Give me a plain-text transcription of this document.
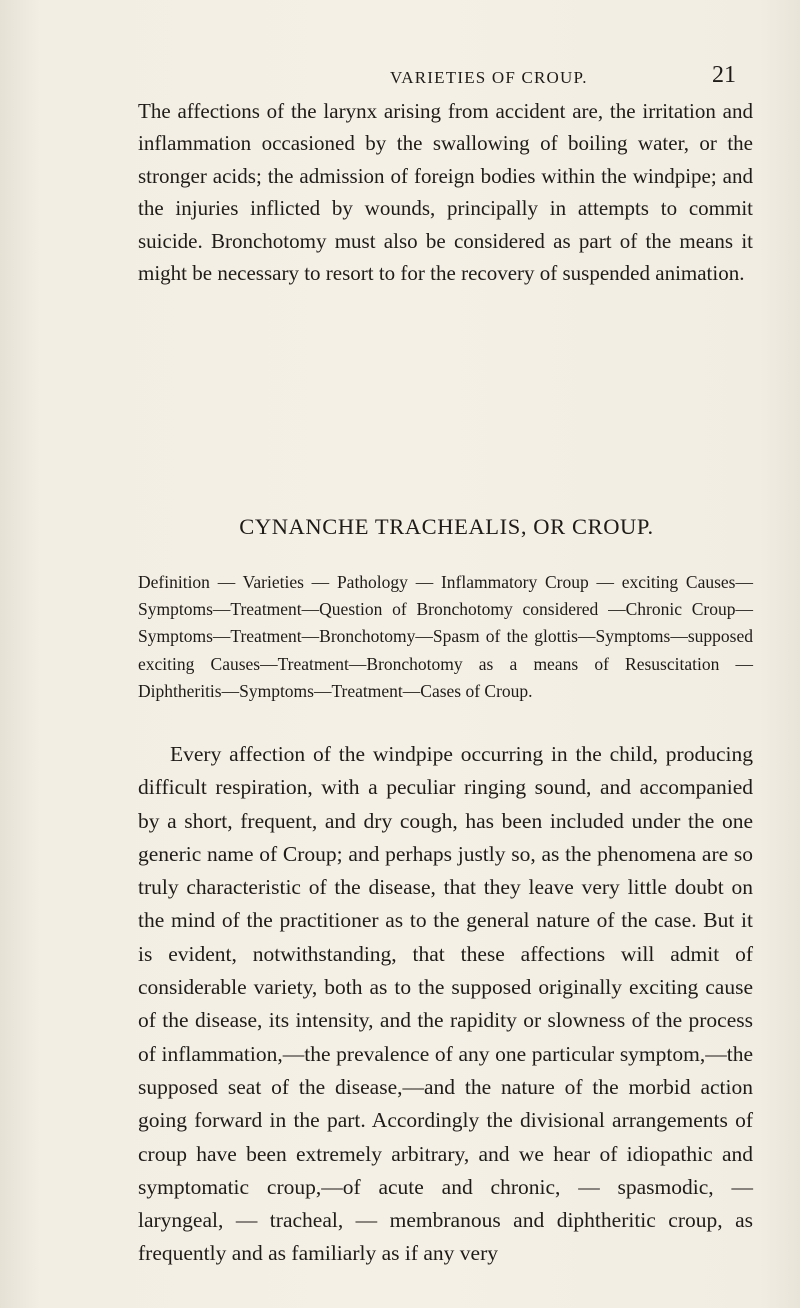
VARIETIES OF CROUP.	21

The affections of the larynx arising from accident are, the irritation and inflammation occasioned by the swallowing of boiling water, or the stronger acids; the admission of foreign bodies within the windpipe; and the injuries inflicted by wounds, principally in attempts to commit suicide. Bronchotomy must also be considered as part of the means it might be necessary to resort to for the recovery of suspended animation.

CYNANCHE TRACHEALIS, OR CROUP.

Definition — Varieties — Pathology — Inflammatory Croup — exciting Causes—Symptoms—Treatment—Question of Bronchotomy considered —Chronic Croup—Symptoms—Treatment—Bronchotomy—Spasm of the glottis—Symptoms—supposed exciting Causes—Treatment—Bronchotomy as a means of Resuscitation — Diphtheritis—Symptoms—Treatment—Cases of Croup.

Every affection of the windpipe occurring in the child, producing difficult respiration, with a peculiar ringing sound, and accompanied by a short, frequent, and dry cough, has been included under the one generic name of Croup; and perhaps justly so, as the phenomena are so truly characteristic of the disease, that they leave very little doubt on the mind of the practitioner as to the general nature of the case. But it is evident, notwithstanding, that these affections will admit of considerable variety, both as to the supposed originally exciting cause of the disease, its intensity, and the rapidity or slowness of the process of inflammation,—the prevalence of any one particular symptom,—the supposed seat of the disease,—and the nature of the morbid action going forward in the part. Accordingly the divisional arrangements of croup have been extremely arbitrary, and we hear of idiopathic and symptomatic croup,—of acute and chronic, — spasmodic, — laryngeal, — tracheal, — membranous and diphtheritic croup, as frequently and as familiarly as if any very
